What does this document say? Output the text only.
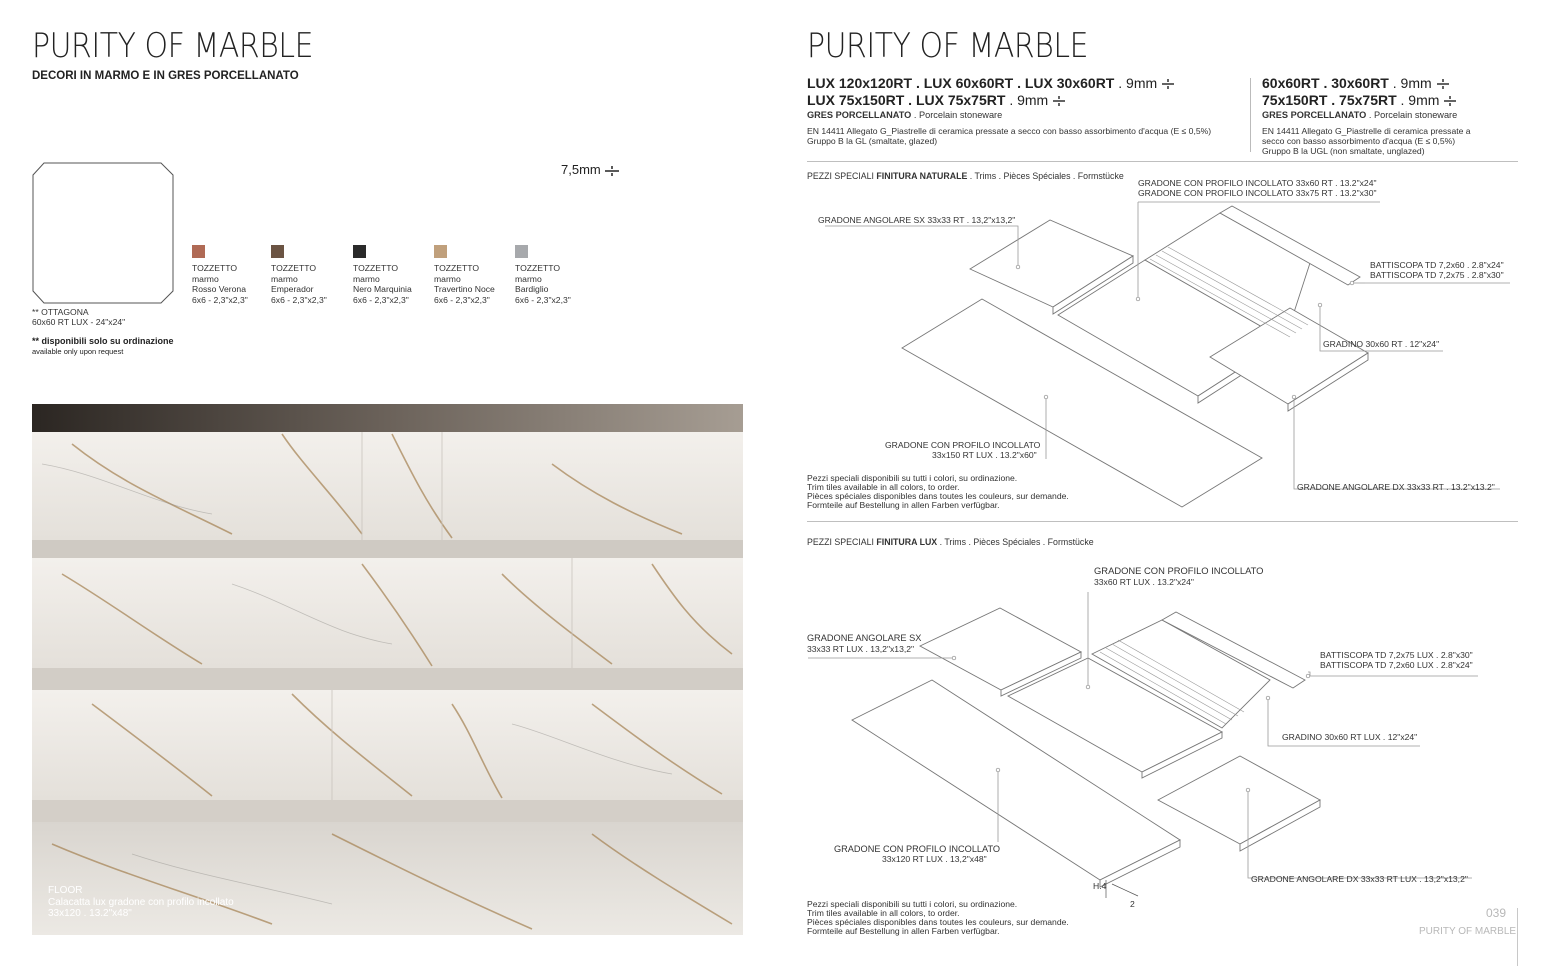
PURITY OF MARBLE
DECORI IN MARMO E IN GRES PORCELLANATO
7,5mm
TOZZETTO
marmo
Rosso Verona
6x6 - 2,3"x2,3"
TOZZETTO
marmo
Emperador
6x6 - 2,3"x2,3"
TOZZETTO
marmo
Nero Marquinia
6x6 - 2,3"x2,3"
TOZZETTO
marmo
Travertino Noce
6x6 - 2,3"x2,3"
TOZZETTO
marmo
Bardiglio
6x6 - 2,3"x2,3"
** OTTAGONA
60x60 RT LUX - 24"x24"
** disponibili solo su ordinazione
available only upon request
FLOOR
Calacatta lux gradone con profilo incollato
33x120 . 13.2"x48"
PURITY OF MARBLE
LUX 120x120RT . LUX 60x60RT . LUX 30x60RT . 9mm
LUX 75x150RT . LUX 75x75RT . 9mm
GRES PORCELLANATO . Porcelain stoneware
EN 14411 Allegato G_Piastrelle di ceramica pressate a secco con basso assorbimento d'acqua (E ≤ 0,5%)
Gruppo B la GL (smaltate, glazed)
60x60RT . 30x60RT . 9mm
75x150RT . 75x75RT . 9mm
GRES PORCELLANATO . Porcelain stoneware
EN 14411 Allegato G_Piastrelle di ceramica pressate a
secco con basso assorbimento d'acqua (E ≤ 0,5%)
Gruppo B la UGL (non smaltate, unglazed)
PEZZI SPECIALI FINITURA NATURALE . Trims . Pièces Spéciales . Formstücke
GRADONE CON PROFILO INCOLLATO 33x60 RT . 13.2"x24"
GRADONE CON PROFILO INCOLLATO 33x75 RT . 13.2"x30"
GRADONE ANGOLARE SX 33x33 RT . 13,2"x13,2"
BATTISCOPA TD 7,2x60 . 2.8"x24"
BATTISCOPA TD 7,2x75 . 2.8"x30"
GRADINO 30x60 RT . 12"x24"
GRADONE CON PROFILO INCOLLATO
33x150 RT LUX . 13.2"x60"
GRADONE ANGOLARE DX 33x33 RT . 13.2"x13.2"
Pezzi speciali disponibili su tutti i colori, su ordinazione.
Trim tiles available in all colors, to order.
Pièces spéciales disponibles dans toutes les couleurs, sur demande.
Formteile auf Bestellung in allen Farben verfügbar.
PEZZI SPECIALI FINITURA LUX . Trims . Pièces Spéciales . Formstücke
GRADONE CON PROFILO INCOLLATO
33x60 RT LUX . 13.2"x24"
GRADONE ANGOLARE SX
33x33 RT LUX . 13,2"x13,2"
BATTISCOPA TD 7,2x75 LUX . 2.8"x30"
BATTISCOPA TD 7,2x60 LUX . 2.8"x24"
GRADINO 30x60 RT LUX . 12"x24"
GRADONE CON PROFILO INCOLLATO
33x120 RT LUX . 13,2"x48"
GRADONE ANGOLARE DX 33x33 RT LUX . 13,2"x13,2"
H.4
2
Pezzi speciali disponibili su tutti i colori, su ordinazione.
Trim tiles available in all colors, to order.
Pièces spéciales disponibles dans toutes les couleurs, sur demande.
Formteile auf Bestellung in allen Farben verfügbar.
039
PURITY OF MARBLE
